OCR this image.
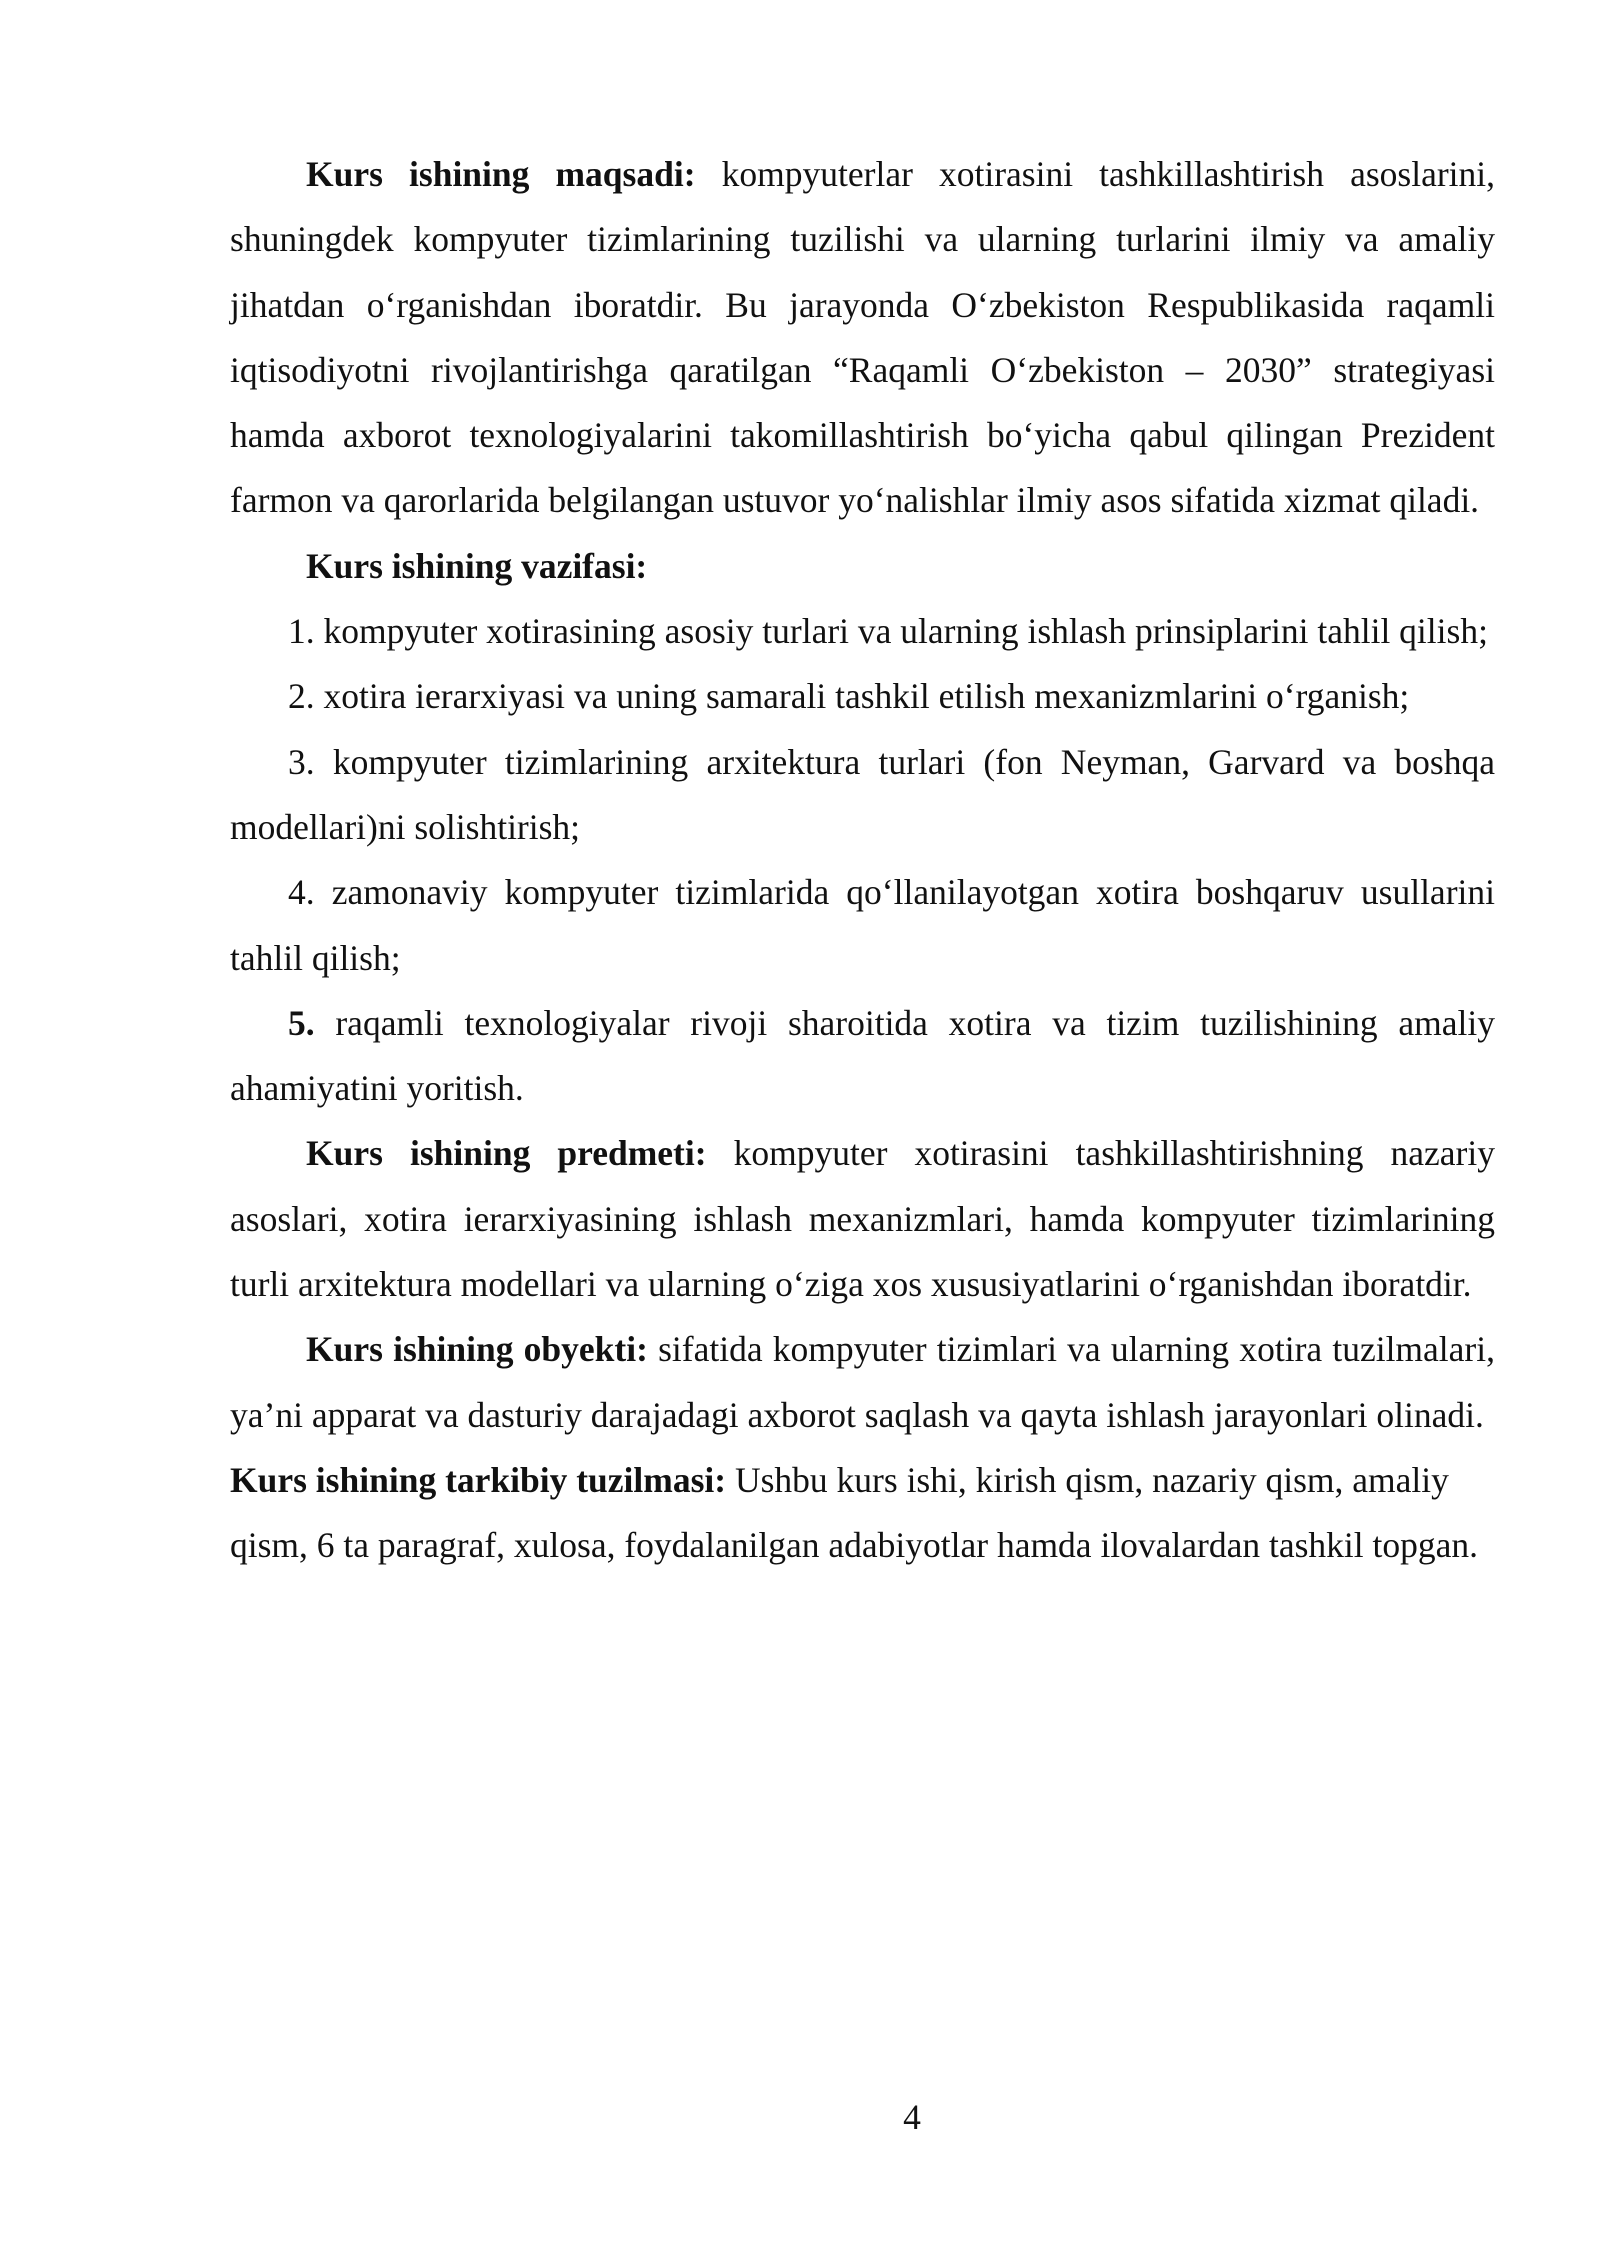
Kurs ishining maqsadi: kompyuterlar xotirasini tashkillashtirish asoslarini, shuningdek kompyuter tizimlarining tuzilishi va ularning turlarini ilmiy va amaliy jihatdan o‘rganishdan iboratdir. Bu jarayonda O‘zbekiston Respublikasida raqamli iqtisodiyotni rivojlantirishga qaratilgan “Raqamli O‘zbekiston – 2030” strategiyasi hamda axborot texnologiyalarini takomillashtirish bo‘yicha qabul qilingan Prezident farmon va qarorlarida belgilangan ustuvor yo‘nalishlar ilmiy asos sifatida xizmat qiladi.

Kurs ishining vazifasi:

1. kompyuter xotirasining asosiy turlari va ularning ishlash prinsiplarini tahlil qilish;

2. xotira ierarxiyasi va uning samarali tashkil etilish mexanizmlarini o‘rganish;

3. kompyuter tizimlarining arxitektura turlari (fon Neyman, Garvard va boshqa modellari)ni solishtirish;

4. zamonaviy kompyuter tizimlarida qo‘llanilayotgan xotira boshqaruv usullarini tahlil qilish;

5. raqamli texnologiyalar rivoji sharoitida xotira va tizim tuzilishining amaliy ahamiyatini yoritish.

Kurs ishining predmeti: kompyuter xotirasini tashkillashtirishning nazariy asoslari, xotira ierarxiyasining ishlash mexanizmlari, hamda kompyuter tizimlarining turli arxitektura modellari va ularning o‘ziga xos xususiyatlarini o‘rganishdan iboratdir.

Kurs ishining obyekti: sifatida kompyuter tizimlari va ularning xotira tuzilmalari, ya’ni apparat va dasturiy darajadagi axborot saqlash va qayta ishlash jarayonlari olinadi.

Kurs ishining tarkibiy tuzilmasi: Ushbu kurs ishi, kirish qism, nazariy qism, amaliy qism, 6 ta paragraf, xulosa, foydalanilgan adabiyotlar hamda ilovalardan tashkil topgan.

4
